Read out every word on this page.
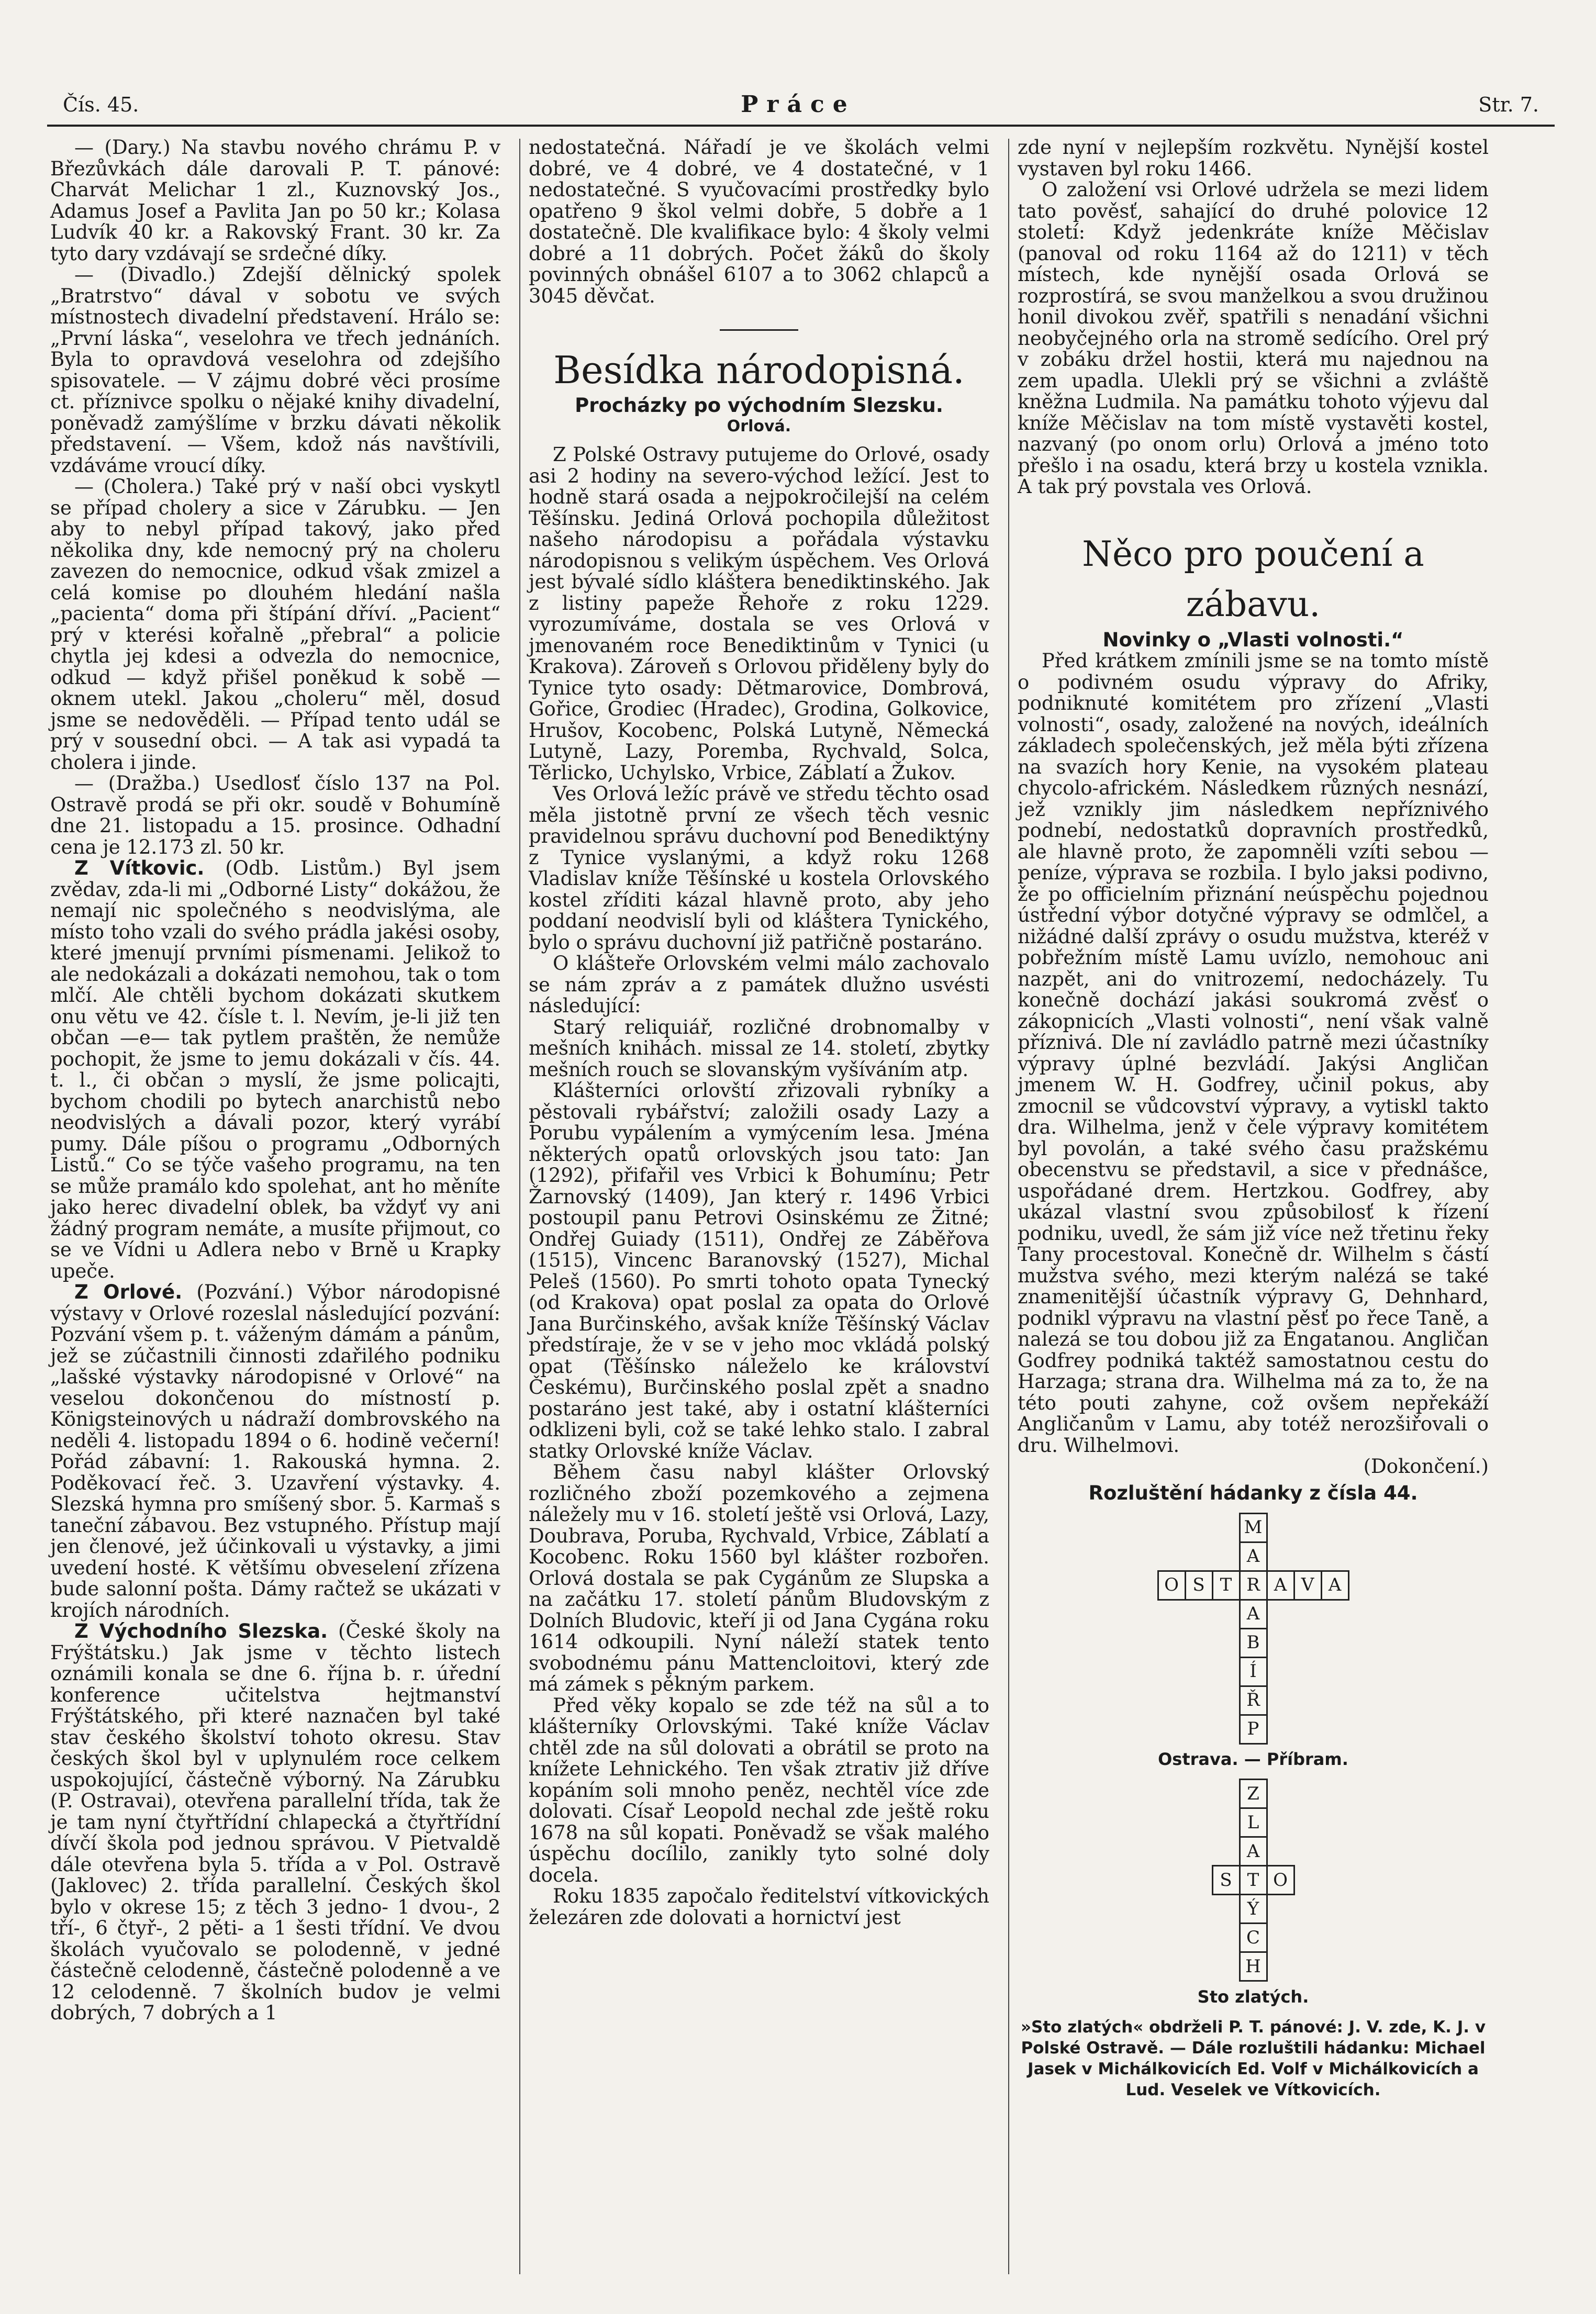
Čís. 45.	Práce	Str. 7.

— (Dary.) Na stavbu nového chrámu P. v Březůvkách dále darovali P. T. pánové: Charvát Melichar 1 zl., Kuznovský Jos., Adamus Josef a Pavlita Jan po 50 kr.; Kolasa Ludvík 40 kr. a Rakovský Frant. 30 kr. Za tyto dary vzdávají se srdečné díky.

— (Divadlo.) Zdejší dělnický spolek „Bratrstvo“ dával v sobotu ve svých místnostech divadelní představení. Hrálo se: „První láska“, veselohra ve třech jednáních. Byla to opravdová veselohra od zdejšího spisovatele. — V zájmu dobré věci prosíme ct. příznivce spolku o nějaké knihy divadelní, poněvadž zamýšlíme v brzku dávati několik představení. — Všem, kdož nás navštívili, vzdáváme vroucí díky.

— (Cholera.) Také prý v naší obci vyskytl se případ cholery a sice v Zárubku. — Jen aby to nebyl případ takový, jako před několika dny, kde nemocný prý na choleru zavezen do nemocnice, odkud však zmizel a celá komise po dlouhém hledání našla „pacienta“ doma při štípání dříví. „Pacient“ prý v kterési kořalně „přebral“ a policie chytla jej kdesi a odvezla do nemocnice, odkud — když přišel poněkud k sobě — oknem utekl. Jakou „choleru“ měl, dosud jsme se nedověděli. — Případ tento udál se prý v sousední obci. — A tak asi vypadá ta cholera i jinde.

— (Dražba.) Usedlosť číslo 137 na Pol. Ostravě prodá se při okr. soudě v Bohumíně dne 21. listopadu a 15. prosince. Odhadní cena je 12.173 zl. 50 kr.

Z Vítkovic. (Odb. Listům.) Byl jsem zvědav, zda-li mi „Odborné Listy“ dokážou, že nemají nic společného s neodvislýma, ale místo toho vzali do svého prádla jakési osoby, které jmenují prvními písmenami. Jelikož to ale nedokázali a dokázati nemohou, tak o tom mlčí. Ale chtěli bychom dokázati skutkem onu větu ve 42. čísle t. l. Nevím, je-li již ten občan —e— tak pytlem praštěn, že nemůže pochopit, že jsme to jemu dokázali v čís. 44. t. l., či občan ɔ myslí, že jsme policajti, bychom chodili po bytech anarchistů nebo neodvislých a dávali pozor, který vyrábí pumy. Dále píšou o programu „Odborných Listů.“ Co se týče vašeho programu, na ten se může pramálo kdo spolehat, ant ho měníte jako herec divadelní oblek, ba vždyť vy ani žádný program nemáte, a musíte přijmout, co se ve Vídni u Adlera nebo v Brně u Krapky upeče.

Z Orlové. (Pozvání.) Výbor národopisné výstavy v Orlové rozeslal následující pozvání: Pozvání všem p. t. váženým dámám a pánům, jež se zúčastnili činnosti zdařilého podniku „lašské výstavky národopisné v Orlové“ na veselou dokončenou do místností p. Königsteinových u nádraží dombrovského na neděli 4. listopadu 1894 o 6. hodině večerní! Pořád zábavní: 1. Rakouská hymna. 2. Poděkovací řeč. 3. Uzavření výstavky. 4. Slezská hymna pro smíšený sbor. 5. Karmaš s taneční zábavou. Bez vstupného. Přístup mají jen členové, jež účinkovali u výstavky, a jimi uvedení hosté. K většímu obveselení zřízena bude salonní pošta. Dámy račtež se ukázati v krojích národních.

Z Východního Slezska. (České školy na Frýštátsku.) Jak jsme v těchto listech oznámili konala se dne 6. října b. r. úřední konference učitelstva hejtmanství Frýštátského, při které naznačen byl také stav českého školství tohoto okresu. Stav českých škol byl v uplynulém roce celkem uspokojující, částečně výborný. Na Zárubku (P. Ostravai), otevřena parallelní třída, tak že je tam nyní čtyřtřídní chlapecká a čtyřtřídní dívčí škola pod jednou správou. V Pietvaldě dále otevřena byla 5. třída a v Pol. Ostravě (Jaklovec) 2. třída parallelní. Českých škol bylo v okrese 15; z těch 3 jedno- 1 dvou-, 2 tří-, 6 čtyř-, 2 pěti- a 1 šesti třídní. Ve dvou školách vyučovalo se polodenně, v jedné částečně celodenně, částečně polodenně a ve 12 celodenně. 7 školních budov je velmi dobrých, 7 dobrých a 1

nedostatečná. Nářadí je ve školách velmi dobré, ve 4 dobré, ve 4 dostatečné, v 1 nedostatečné. S vyučovacími prostředky bylo opatřeno 9 škol velmi dobře, 5 dobře a 1 dostatečně. Dle kvalifikace bylo: 4 školy velmi dobré a 11 dobrých. Počet žáků do školy povinných obnášel 6107 a to 3062 chlapců a 3045 děvčat.

Besídka národopisná.
Procházky po východním Slezsku.
Orlová.

Z Polské Ostravy putujeme do Orlové, osady asi 2 hodiny na severo-východ ležící. Jest to hodně stará osada a nejpokročilejší na celém Těšínsku. Jediná Orlová pochopila důležitost našeho národopisu a pořádala výstavku národopisnou s velikým úspěchem. Ves Orlová jest bývalé sídlo kláštera benediktinského. Jak z listiny papeže Řehoře z roku 1229. vyrozumíváme, dostala se ves Orlová v jmenovaném roce Benediktinům v Tynici (u Krakova). Zároveň s Orlovou přiděleny byly do Tynice tyto osady: Dětmarovice, Dombrová, Gořice, Grodiec (Hradec), Grodina, Golkovice, Hrušov, Kocobenc, Polská Lutyně, Německá Lutyně, Lazy, Poremba, Rychvald, Solca, Těrlicko, Uchylsko, Vrbice, Záblatí a Žukov.

Ves Orlová ležíc právě ve středu těchto osad měla jistotně první ze všech těch vesnic pravidelnou správu duchovní pod Benediktýny z Tynice vyslanými, a když roku 1268 Vladislav kníže Těšínské u kostela Orlovského kostel zříditi kázal hlavně proto, aby jeho poddaní neodvislí byli od kláštera Tynického, bylo o správu duchovní již patřičně postaráno.

O klášteře Orlovském velmi málo zachovalo se nám zpráv a z památek dlužno usvésti následující:

Starý reliquiář, rozličné drobnomalby v mešních knihách. missal ze 14. století, zbytky mešních rouch se slovanským vyšíváním atp.

Klášterníci orlovští zřizovali rybníky a pěstovali rybářství; založili osady Lazy a Porubu vypálením a vymýcením lesa. Jména některých opatů orlovských jsou tato: Jan (1292), přifařil ves Vrbici k Bohumínu; Petr Žarnovský (1409), Jan který r. 1496 Vrbici postoupil panu Petrovi Osinskému ze Žitné; Ondřej Guiady (1511), Ondřej ze Záběřova (1515), Vincenc Baranovský (1527), Michal Peleš (1560). Po smrti tohoto opata Tynecký (od Krakova) opat poslal za opata do Orlové Jana Burčinského, avšak kníže Těšínský Václav předstíraje, že v se v jeho moc vkládá polský opat (Těšínsko náleželo ke království Českému), Burčinského poslal zpět a snadno postaráno jest také, aby i ostatní klášterníci odklizeni byli, což se také lehko stalo. I zabral statky Orlovské kníže Václav.

Během času nabyl klášter Orlovský rozličného zboží pozemkového a zejmena náležely mu v 16. století ještě vsi Orlová, Lazy, Doubrava, Poruba, Rychvald, Vrbice, Záblatí a Kocobenc. Roku 1560 byl klášter rozbořen. Orlová dostala se pak Cygánům ze Slupska a na začátku 17. století pánům Bludovským z Dolních Bludovic, kteří ji od Jana Cygána roku 1614 odkoupili. Nyní náleží statek tento svobodnému pánu Mattencloitovi, který zde má zámek s pěkným parkem.

Před věky kopalo se zde též na sůl a to klášterníky Orlovskými. Také kníže Václav chtěl zde na sůl dolovati a obrátil se proto na knížete Lehnického. Ten však ztrativ již dříve kopáním soli mnoho peněz, nechtěl více zde dolovati. Císař Leopold nechal zde ještě roku 1678 na sůl kopati. Poněvadž se však malého úspěchu docílilo, zanikly tyto solné doly docela.

Roku 1835 započalo ředitelství vítkovických železáren zde dolovati a hornictví jest

zde nyní v nejlepším rozkvětu. Nynější kostel vystaven byl roku 1466.

O založení vsi Orlové udržela se mezi lidem tato pověsť, sahající do druhé polovice 12 století: Když jedenkráte kníže Měčislav (panoval od roku 1164 až do 1211) v těch místech, kde nynější osada Orlová se rozprostírá, se svou manželkou a svou družinou honil divokou zvěř, spatřili s nenadání všichni neobyčejného orla na stromě sedícího. Orel prý v zobáku držel hostii, která mu najednou na zem upadla. Ulekli prý se všichni a zvláště kněžna Ludmila. Na památku tohoto výjevu dal kníže Měčislav na tom místě vystavěti kostel, nazvaný (po onom orlu) Orlová a jméno toto přešlo i na osadu, která brzy u kostela vznikla. A tak prý povstala ves Orlová.

Něco pro poučení a zábavu.
Novinky o „Vlasti volnosti.“

Před krátkem zmínili jsme se na tomto místě o podivném osudu výpravy do Afriky, podniknuté komitétem pro zřízení „Vlasti volnosti“, osady, založené na nových, ideálních základech společenských, jež měla býti zřízena na svazích hory Kenie, na vysokém plateau chycolo-africkém. Následkem různých nesnází, jež vznikly jim následkem nepříznivého podnebí, nedostatků dopravních prostředků, ale hlavně proto, že zapomněli vzíti sebou — peníze, výprava se rozbila. I bylo jaksi podivno, že po officielním přiznání neúspěchu pojednou ústřední výbor dotyčné výpravy se odmlčel, a nižádné další zprávy o osudu mužstva, kteréž v pobřežním místě Lamu uvízlo, nemohouc ani nazpět, ani do vnitrozemí, nedocházely. Tu konečně dochází jakási soukromá zvěsť o zákopnicích „Vlasti volnosti“, není však valně příznivá. Dle ní zavládlo patrně mezi účastníky výpravy úplné bezvládí. Jakýsi Angličan jmenem W. H. Godfrey, učinil pokus, aby zmocnil se vůdcovství výpravy, a vytiskl takto dra. Wilhelma, jenž v čele výpravy komitétem byl povolán, a také svého času pražskému obecenstvu se představil, a sice v přednášce, uspořádané drem. Hertzkou. Godfrey, aby ukázal vlastní svou způsobilosť k řízení podniku, uvedl, že sám již více než třetinu řeky Tany procestoval. Konečně dr. Wilhelm s částí mužstva svého, mezi kterým nalézá se také znamenitější účastník výpravy G, Dehnhard, podnikl výpravu na vlastní pěsť po řece Taně, a nalezá se tou dobou již za Engatanou. Angličan Godfrey podniká taktéž samostatnou cestu do Harzaga; strana dra. Wilhelma má za to, že na této pouti zahyne, což ovšem nepřekáží Angličanům v Lamu, aby totéž nerozšiřovali o dru. Wilhelmovi.

(Dokončení.)
Rozluštění hádanky z čísla 44.
M
A
O S T R A V A
A
B
Í
Ř
P
Ostrava. — Příbram.
Z
L
A
S T O
Ý
C
H
Sto zlatých.
»Sto zlatých« obdrželi P. T. pánové: J. V. zde, K. J. v Polské Ostravě. — Dále rozluštili hádanku: Michael Jasek v Michálkovicích Ed. Volf v Michálkovicích a Lud. Veselek ve Vítkovicích.
